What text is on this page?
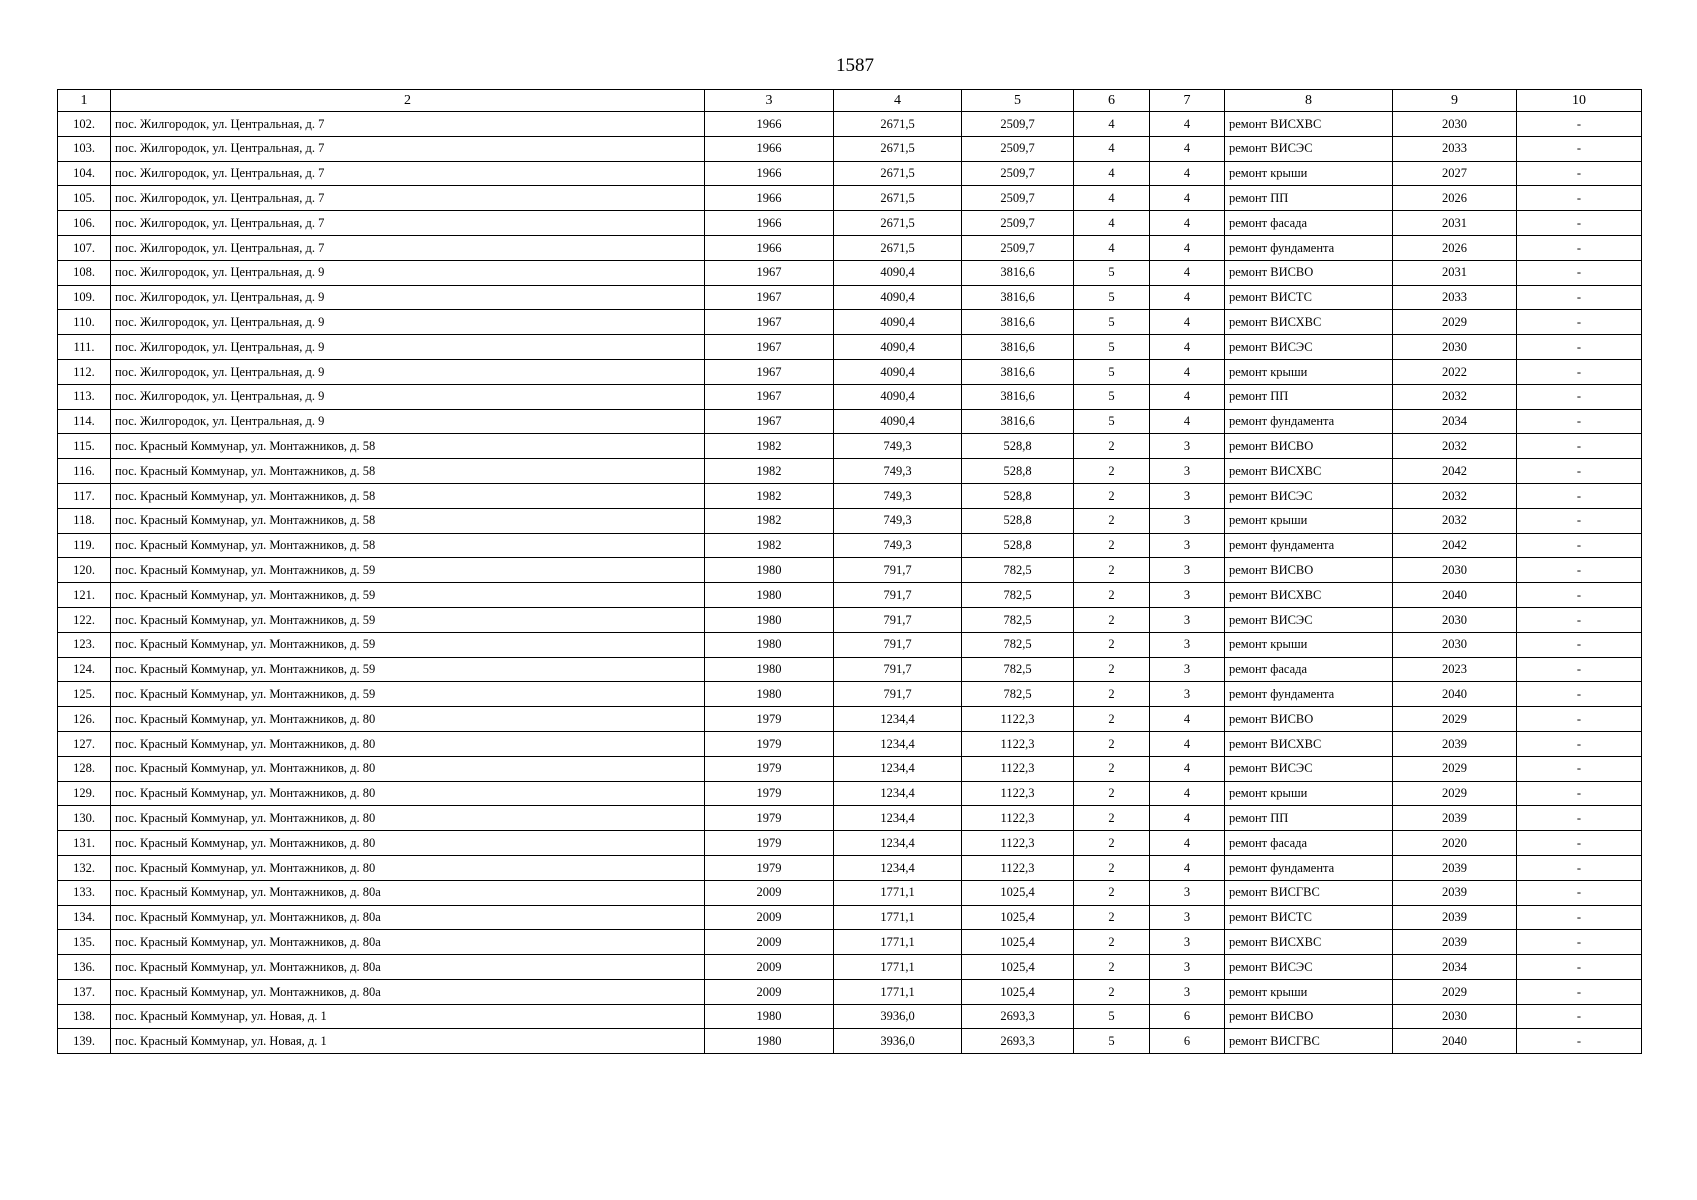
1587
1	2	3	4	5	6	7	8	9	10
102.	пос. Жилгородок, ул. Центральная, д. 7	1966	2671,5	2509,7	4	4	ремонт ВИСХВС	2030	-
103.	пос. Жилгородок, ул. Центральная, д. 7	1966	2671,5	2509,7	4	4	ремонт ВИСЭС	2033	-
104.	пос. Жилгородок, ул. Центральная, д. 7	1966	2671,5	2509,7	4	4	ремонт крыши	2027	-
105.	пос. Жилгородок, ул. Центральная, д. 7	1966	2671,5	2509,7	4	4	ремонт ПП	2026	-
106.	пос. Жилгородок, ул. Центральная, д. 7	1966	2671,5	2509,7	4	4	ремонт фасада	2031	-
107.	пос. Жилгородок, ул. Центральная, д. 7	1966	2671,5	2509,7	4	4	ремонт фундамента	2026	-
108.	пос. Жилгородок, ул. Центральная, д. 9	1967	4090,4	3816,6	5	4	ремонт ВИСВО	2031	-
109.	пос. Жилгородок, ул. Центральная, д. 9	1967	4090,4	3816,6	5	4	ремонт ВИСТС	2033	-
110.	пос. Жилгородок, ул. Центральная, д. 9	1967	4090,4	3816,6	5	4	ремонт ВИСХВС	2029	-
111.	пос. Жилгородок, ул. Центральная, д. 9	1967	4090,4	3816,6	5	4	ремонт ВИСЭС	2030	-
112.	пос. Жилгородок, ул. Центральная, д. 9	1967	4090,4	3816,6	5	4	ремонт крыши	2022	-
113.	пос. Жилгородок, ул. Центральная, д. 9	1967	4090,4	3816,6	5	4	ремонт ПП	2032	-
114.	пос. Жилгородок, ул. Центральная, д. 9	1967	4090,4	3816,6	5	4	ремонт фундамента	2034	-
115.	пос. Красный Коммунар, ул. Монтажников, д. 58	1982	749,3	528,8	2	3	ремонт ВИСВО	2032	-
116.	пос. Красный Коммунар, ул. Монтажников, д. 58	1982	749,3	528,8	2	3	ремонт ВИСХВС	2042	-
117.	пос. Красный Коммунар, ул. Монтажников, д. 58	1982	749,3	528,8	2	3	ремонт ВИСЭС	2032	-
118.	пос. Красный Коммунар, ул. Монтажников, д. 58	1982	749,3	528,8	2	3	ремонт крыши	2032	-
119.	пос. Красный Коммунар, ул. Монтажников, д. 58	1982	749,3	528,8	2	3	ремонт фундамента	2042	-
120.	пос. Красный Коммунар, ул. Монтажников, д. 59	1980	791,7	782,5	2	3	ремонт ВИСВО	2030	-
121.	пос. Красный Коммунар, ул. Монтажников, д. 59	1980	791,7	782,5	2	3	ремонт ВИСХВС	2040	-
122.	пос. Красный Коммунар, ул. Монтажников, д. 59	1980	791,7	782,5	2	3	ремонт ВИСЭС	2030	-
123.	пос. Красный Коммунар, ул. Монтажников, д. 59	1980	791,7	782,5	2	3	ремонт крыши	2030	-
124.	пос. Красный Коммунар, ул. Монтажников, д. 59	1980	791,7	782,5	2	3	ремонт фасада	2023	-
125.	пос. Красный Коммунар, ул. Монтажников, д. 59	1980	791,7	782,5	2	3	ремонт фундамента	2040	-
126.	пос. Красный Коммунар, ул. Монтажников, д. 80	1979	1234,4	1122,3	2	4	ремонт ВИСВО	2029	-
127.	пос. Красный Коммунар, ул. Монтажников, д. 80	1979	1234,4	1122,3	2	4	ремонт ВИСХВС	2039	-
128.	пос. Красный Коммунар, ул. Монтажников, д. 80	1979	1234,4	1122,3	2	4	ремонт ВИСЭС	2029	-
129.	пос. Красный Коммунар, ул. Монтажников, д. 80	1979	1234,4	1122,3	2	4	ремонт крыши	2029	-
130.	пос. Красный Коммунар, ул. Монтажников, д. 80	1979	1234,4	1122,3	2	4	ремонт ПП	2039	-
131.	пос. Красный Коммунар, ул. Монтажников, д. 80	1979	1234,4	1122,3	2	4	ремонт фасада	2020	-
132.	пос. Красный Коммунар, ул. Монтажников, д. 80	1979	1234,4	1122,3	2	4	ремонт фундамента	2039	-
133.	пос. Красный Коммунар, ул. Монтажников, д. 80а	2009	1771,1	1025,4	2	3	ремонт ВИСГВС	2039	-
134.	пос. Красный Коммунар, ул. Монтажников, д. 80а	2009	1771,1	1025,4	2	3	ремонт ВИСТС	2039	-
135.	пос. Красный Коммунар, ул. Монтажников, д. 80а	2009	1771,1	1025,4	2	3	ремонт ВИСХВС	2039	-
136.	пос. Красный Коммунар, ул. Монтажников, д. 80а	2009	1771,1	1025,4	2	3	ремонт ВИСЭС	2034	-
137.	пос. Красный Коммунар, ул. Монтажников, д. 80а	2009	1771,1	1025,4	2	3	ремонт крыши	2029	-
138.	пос. Красный Коммунар, ул. Новая, д. 1	1980	3936,0	2693,3	5	6	ремонт ВИСВО	2030	-
139.	пос. Красный Коммунар, ул. Новая, д. 1	1980	3936,0	2693,3	5	6	ремонт ВИСГВС	2040	-
